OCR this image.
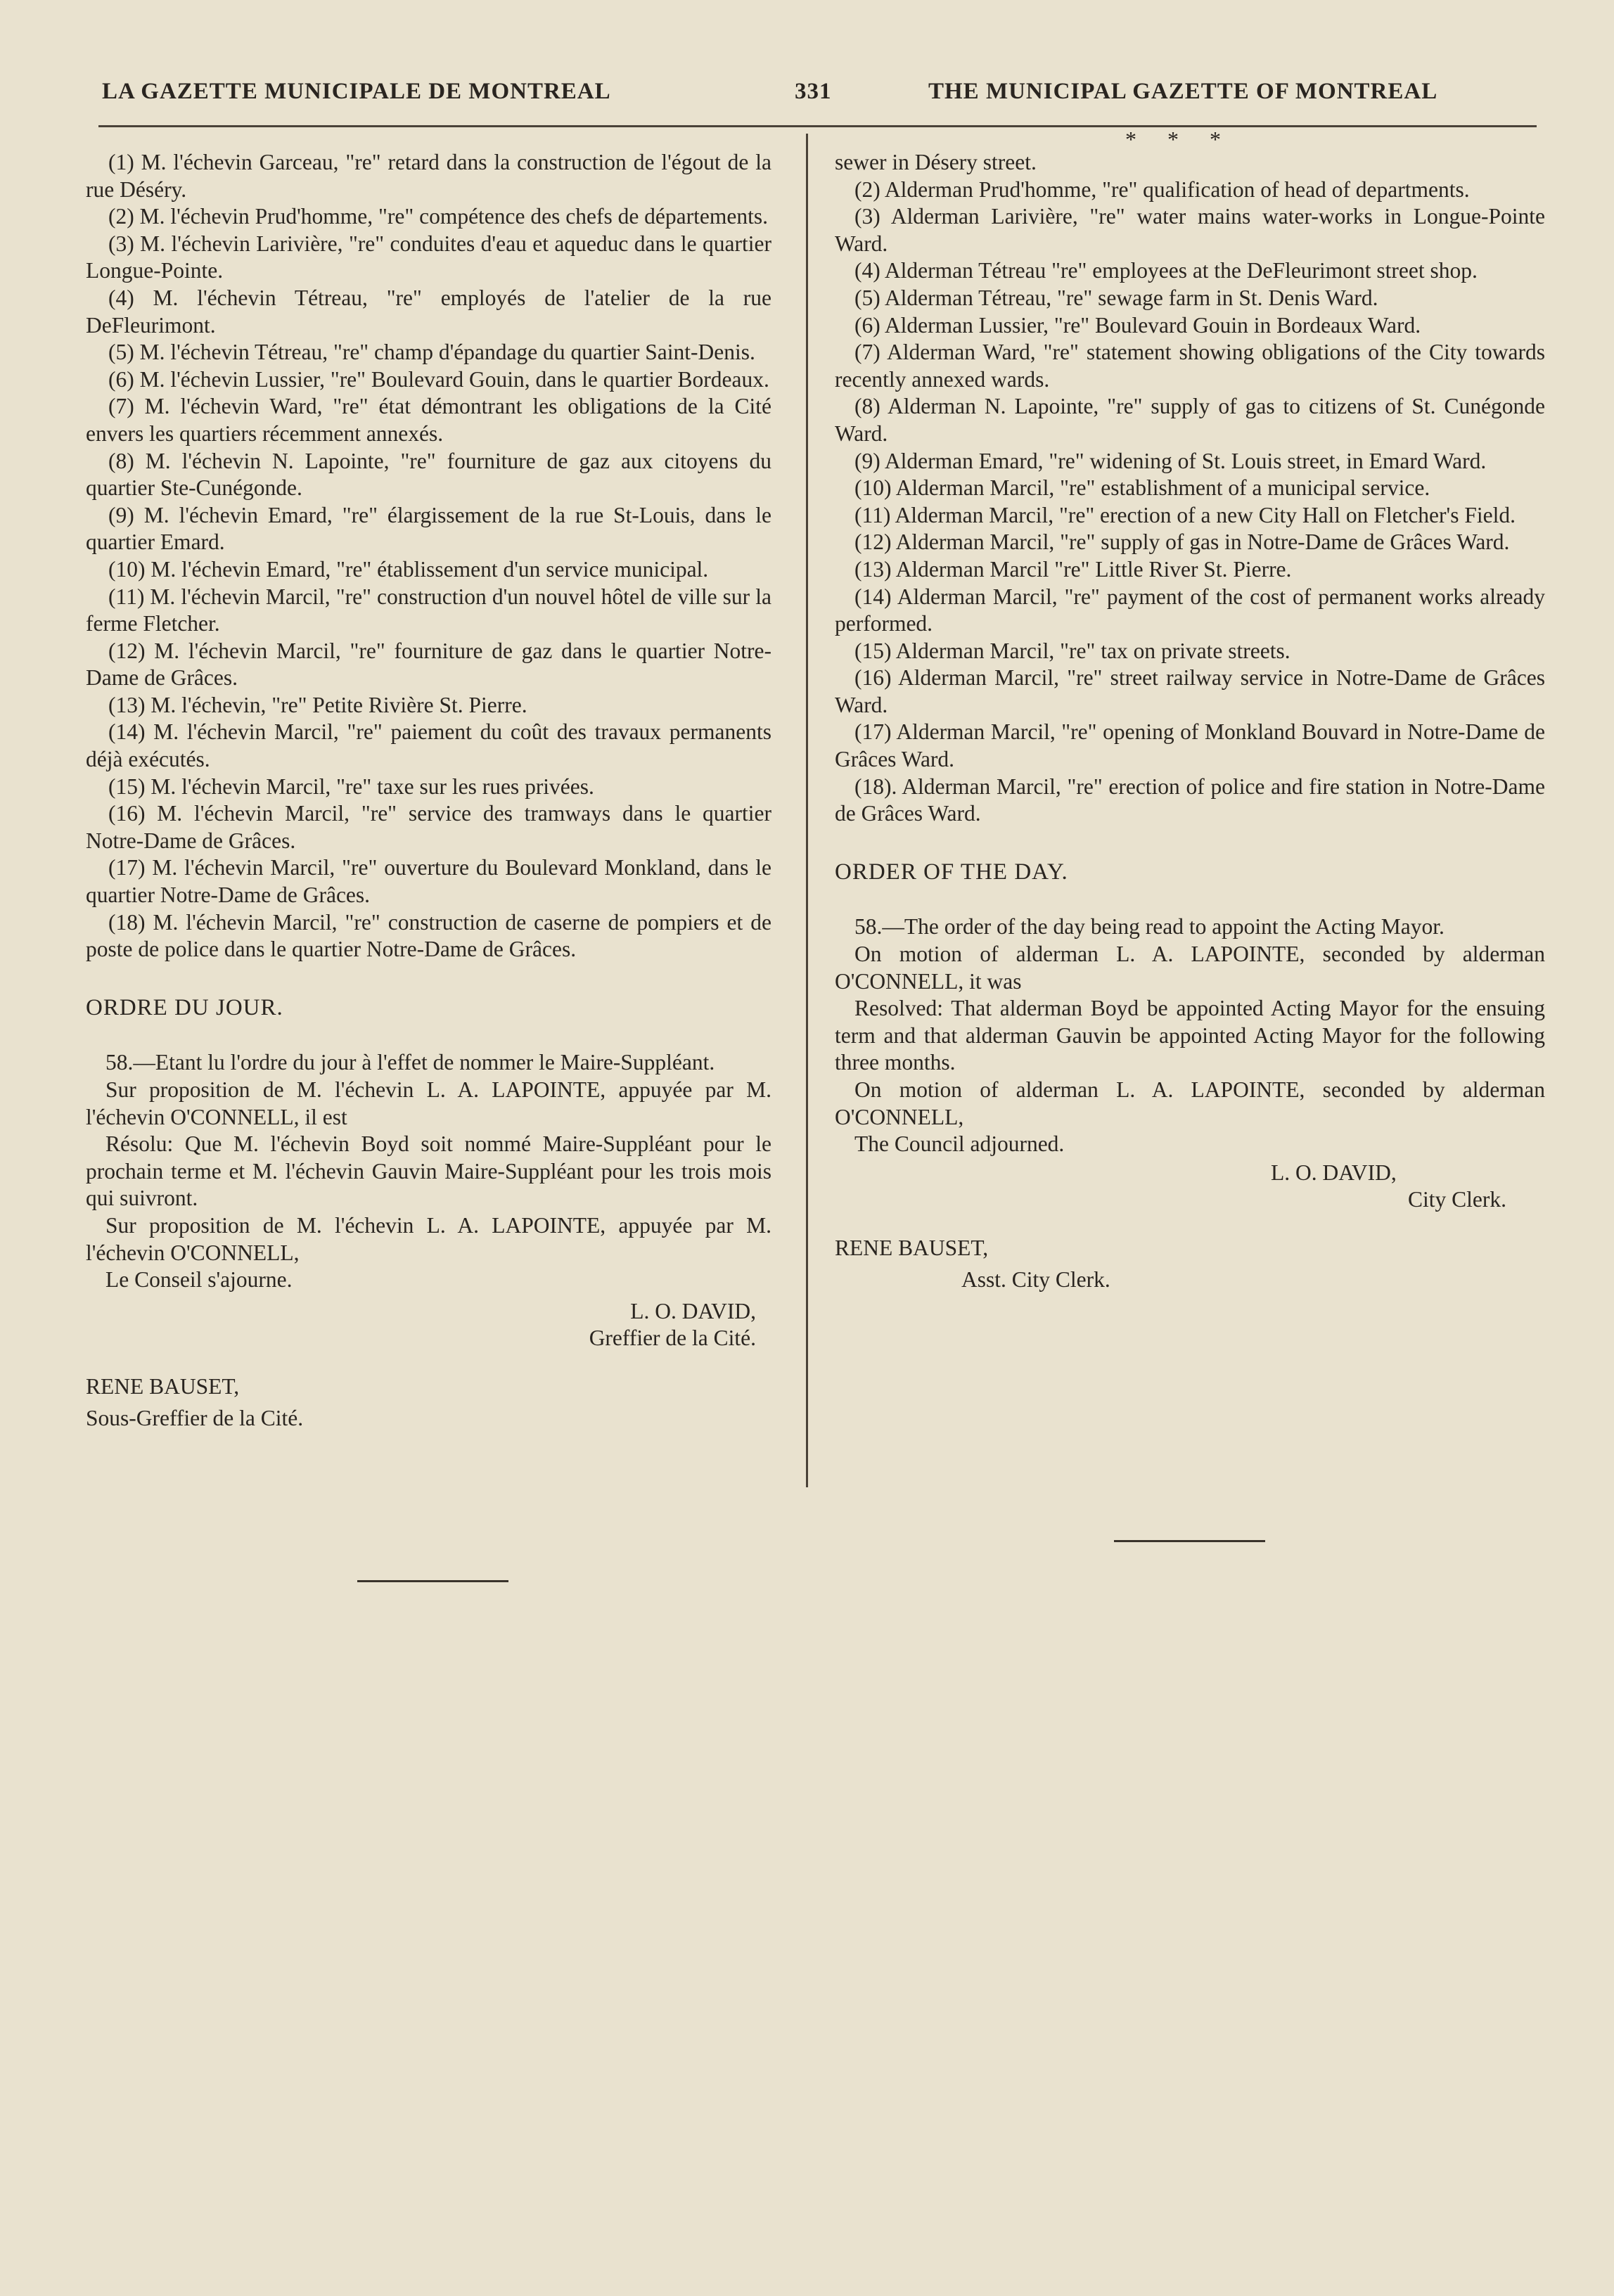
LA GAZETTE MUNICIPALE DE MONTREAL	331	THE MUNICIPAL GAZETTE OF MONTREAL
* * *

(1) M. l'échevin Garceau, "re" retard dans la construction de l'égout de la rue Déséry.

(2) M. l'échevin Prud'homme, "re" compétence des chefs de départements.

(3) M. l'échevin Larivière, "re" conduites d'eau et aqueduc dans le quartier Longue-Pointe.

(4) M. l'échevin Tétreau, "re" employés de l'atelier de la rue DeFleurimont.

(5) M. l'échevin Tétreau, "re" champ d'épandage du quartier Saint-Denis.

(6) M. l'échevin Lussier, "re" Boulevard Gouin, dans le quartier Bordeaux.

(7) M. l'échevin Ward, "re" état démontrant les obligations de la Cité envers les quartiers récemment annexés.

(8) M. l'échevin N. Lapointe, "re" fourniture de gaz aux citoyens du quartier Ste-Cunégonde.

(9) M. l'échevin Emard, "re" élargissement de la rue St-Louis, dans le quartier Emard.

(10) M. l'échevin Emard, "re" établissement d'un service municipal.

(11) M. l'échevin Marcil, "re" construction d'un nouvel hôtel de ville sur la ferme Fletcher.

(12) M. l'échevin Marcil, "re" fourniture de gaz dans le quartier Notre-Dame de Grâces.

(13) M. l'échevin, "re" Petite Rivière St. Pierre.

(14) M. l'échevin Marcil, "re" paiement du coût des travaux permanents déjà exécutés.

(15) M. l'échevin Marcil, "re" taxe sur les rues privées.

(16) M. l'échevin Marcil, "re" service des tramways dans le quartier Notre-Dame de Grâces.

(17) M. l'échevin Marcil, "re" ouverture du Boulevard Monkland, dans le quartier Notre-Dame de Grâces.

(18) M. l'échevin Marcil, "re" construction de caserne de pompiers et de poste de police dans le quartier Notre-Dame de Grâces.

ORDRE DU JOUR.

58.—Etant lu l'ordre du jour à l'effet de nommer le Maire-Suppléant.

Sur proposition de M. l'échevin L. A. LAPOINTE, appuyée par M. l'échevin O'CONNELL, il est

Résolu: Que M. l'échevin Boyd soit nommé Maire-Suppléant pour le prochain terme et M. l'échevin Gauvin Maire-Suppléant pour les trois mois qui suivront.

Sur proposition de M. l'échevin L. A. LAPOINTE, appuyée par M. l'échevin O'CONNELL,

Le Conseil s'ajourne.

L. O. DAVID,

Greffier de la Cité.

RENE BAUSET,

Sous-Greffier de la Cité.

sewer in Désery street.

(2) Alderman Prud'homme, "re" qualification of head of departments.

(3) Alderman Larivière, "re" water mains water-works in Longue-Pointe Ward.

(4) Alderman Tétreau "re" employees at the DeFleurimont street shop.

(5) Alderman Tétreau, "re" sewage farm in St. Denis Ward.

(6) Alderman Lussier, "re" Boulevard Gouin in Bordeaux Ward.

(7) Alderman Ward, "re" statement showing obligations of the City towards recently annexed wards.

(8) Alderman N. Lapointe, "re" supply of gas to citizens of St. Cunégonde Ward.

(9) Alderman Emard, "re" widening of St. Louis street, in Emard Ward.

(10) Alderman Marcil, "re" establishment of a municipal service.

(11) Alderman Marcil, "re" erection of a new City Hall on Fletcher's Field.

(12) Alderman Marcil, "re" supply of gas in Notre-Dame de Grâces Ward.

(13) Alderman Marcil "re" Little River St. Pierre.

(14) Alderman Marcil, "re" payment of the cost of permanent works already performed.

(15) Alderman Marcil, "re" tax on private streets.

(16) Alderman Marcil, "re" street railway service in Notre-Dame de Grâces Ward.

(17) Alderman Marcil, "re" opening of Monkland Bouvard in Notre-Dame de Grâces Ward.

(18). Alderman Marcil, "re" erection of police and fire station in Notre-Dame de Grâces Ward.

ORDER OF THE DAY.

58.—The order of the day being read to appoint the Acting Mayor.

On motion of alderman L. A. LAPOINTE, seconded by alderman O'CONNELL, it was

Resolved: That alderman Boyd be appointed Acting Mayor for the ensuing term and that alderman Gauvin be appointed Acting Mayor for the following three months.

On motion of alderman L. A. LAPOINTE, seconded by alderman O'CONNELL,

The Council adjourned.

L. O. DAVID,

City Clerk.

RENE BAUSET,

Asst. City Clerk.
